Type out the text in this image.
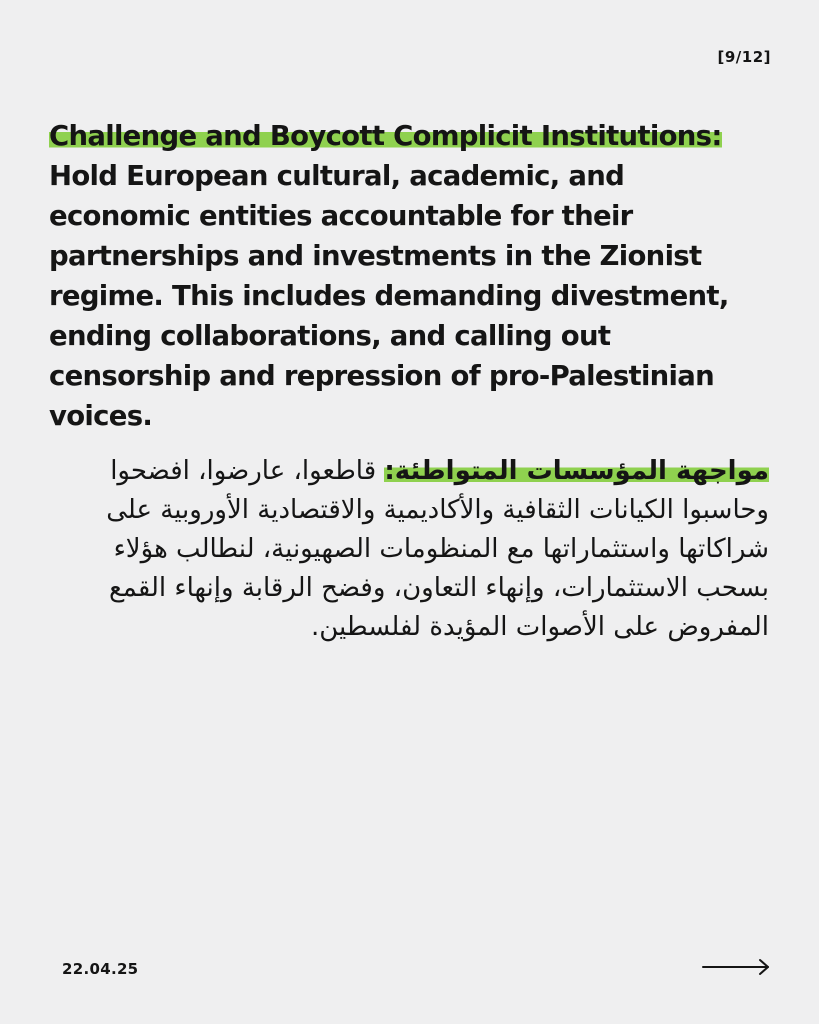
[9/12]

Challenge and Boycott Complicit Institutions: Hold European cultural, academic, and economic entities accountable for their partnerships and investments in the Zionist regime. This includes demanding divestment, ending collaborations, and calling out censorship and repression of pro-Palestinian voices.

مواجهة المؤسسات المتواطئة: قاطعوا، عارضوا، افضحوا وحاسبوا الكيانات الثقافية والأكاديمية والاقتصادية الأوروبية على شراكاتها واستثماراتها مع المنظومات الصهيونية، لنطالب هؤلاء بسحب الاستثمارات، وإنهاء التعاون، وفضح الرقابة وإنهاء القمع المفروض على الأصوات المؤيدة لفلسطين.

22.04.25
